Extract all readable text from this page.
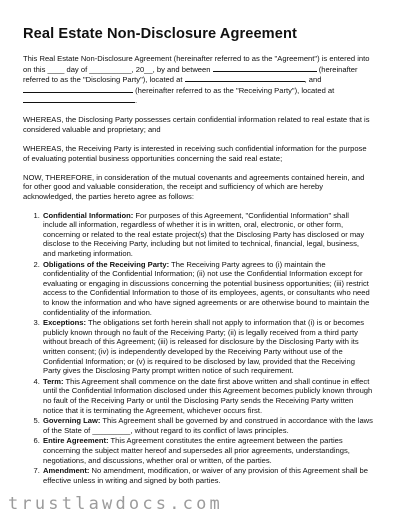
Real Estate Non-Disclosure Agreement
This Real Estate Non-Disclosure Agreement (hereinafter referred to as the "Agreement") is entered into on this ____ day of __________, 20__, by and between	(hereinafter referred to as the "Disclosing Party"), located at	, and  (hereinafter referred to as the "Receiving Party"), located at .
WHEREAS, the Disclosing Party possesses certain confidential information related to real estate that is considered valuable and proprietary; and
WHEREAS, the Receiving Party is interested in receiving such confidential information for the purpose of evaluating potential business opportunities concerning the said real estate;
NOW, THEREFORE, in consideration of the mutual covenants and agreements contained herein, and for other good and valuable consideration, the receipt and sufficiency of which are hereby acknowledged, the parties hereto agree as follows:
1. Confidential Information: For purposes of this Agreement, "Confidential Information" shall include all information, regardless of whether it is in written, oral, electronic, or other form, concerning or related to the real estate project(s) that the Disclosing Party has disclosed or may disclose to the Receiving Party, including but not limited to technical, financial, legal, business, and marketing information.
2. Obligations of the Receiving Party: The Receiving Party agrees to (i) maintain the confidentiality of the Confidential Information; (ii) not use the Confidential Information except for evaluating or engaging in discussions concerning the potential business opportunities; (iii) restrict access to the Confidential Information to those of its employees, agents, or consultants who need to know the information and who have signed agreements or are otherwise bound to maintain the confidentiality of the information.
3. Exceptions: The obligations set forth herein shall not apply to information that (i) is or becomes publicly known through no fault of the Receiving Party; (ii) is legally received from a third party without breach of this Agreement; (iii) is released for disclosure by the Disclosing Party with its written consent; (iv) is independently developed by the Receiving Party without use of the Confidential Information; or (v) is required to be disclosed by law, provided that the Receiving Party gives the Disclosing Party prompt written notice of such requirement.
4. Term: This Agreement shall commence on the date first above written and shall continue in effect until the Confidential Information disclosed under this Agreement becomes publicly known through no fault of the Receiving Party or until the Disclosing Party sends the Receiving Party written notice that it is terminating the Agreement, whichever occurs first.
5. Governing Law: This Agreement shall be governed by and construed in accordance with the laws of the State of _________, without regard to its conflict of laws principles.
6. Entire Agreement: This Agreement constitutes the entire agreement between the parties concerning the subject matter hereof and supersedes all prior agreements, understandings, negotiations, and discussions, whether oral or written, of the parties.
7. Amendment: No amendment, modification, or waiver of any provision of this Agreement shall be effective unless in writing and signed by both parties.
trustlawdocs.com
